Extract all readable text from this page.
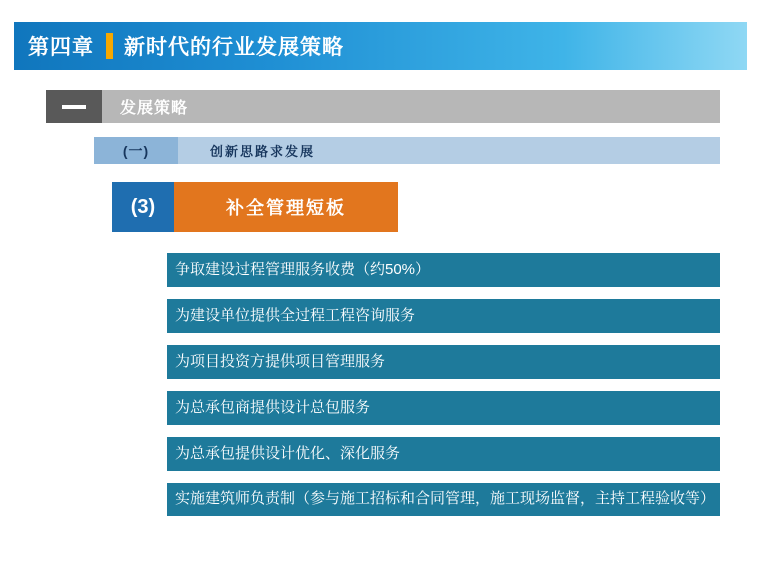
第四章 新时代的行业发展策略
发展策略
(一)	创新思路求发展
(3)	补全管理短板
争取建设过程管理服务收费（约50%）
为建设单位提供全过程工程咨询服务
为项目投资方提供项目管理服务
为总承包商提供设计总包服务
为总承包提供设计优化、深化服务
实施建筑师负责制（参与施工招标和合同管理，施工现场监督，主持工程验收等）
